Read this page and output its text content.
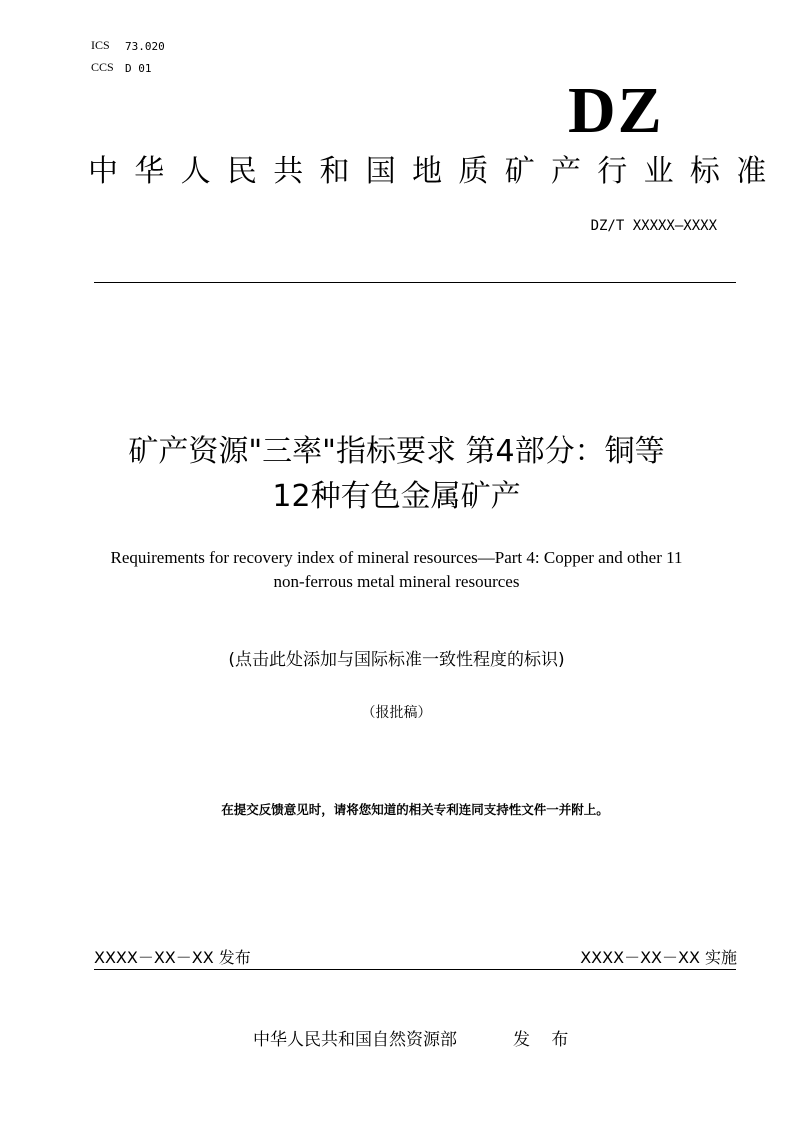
ICS 73.020
CCS D 01
DZ
中华人民共和国地质矿产行业标准
DZ/T XXXXX—XXXX
矿产资源"三率"指标要求 第4部分：铜等
12种有色金属矿产
Requirements for recovery index of mineral resources—Part 4: Copper and other 11
non-ferrous metal mineral resources
(点击此处添加与国际标准一致性程度的标识)
（报批稿）
在提交反馈意见时，请将您知道的相关专利连同支持性文件一并附上。
XXXX－XX－XX 发布	XXXX－XX－XX 实施
中华人民共和国自然资源部	发 布
